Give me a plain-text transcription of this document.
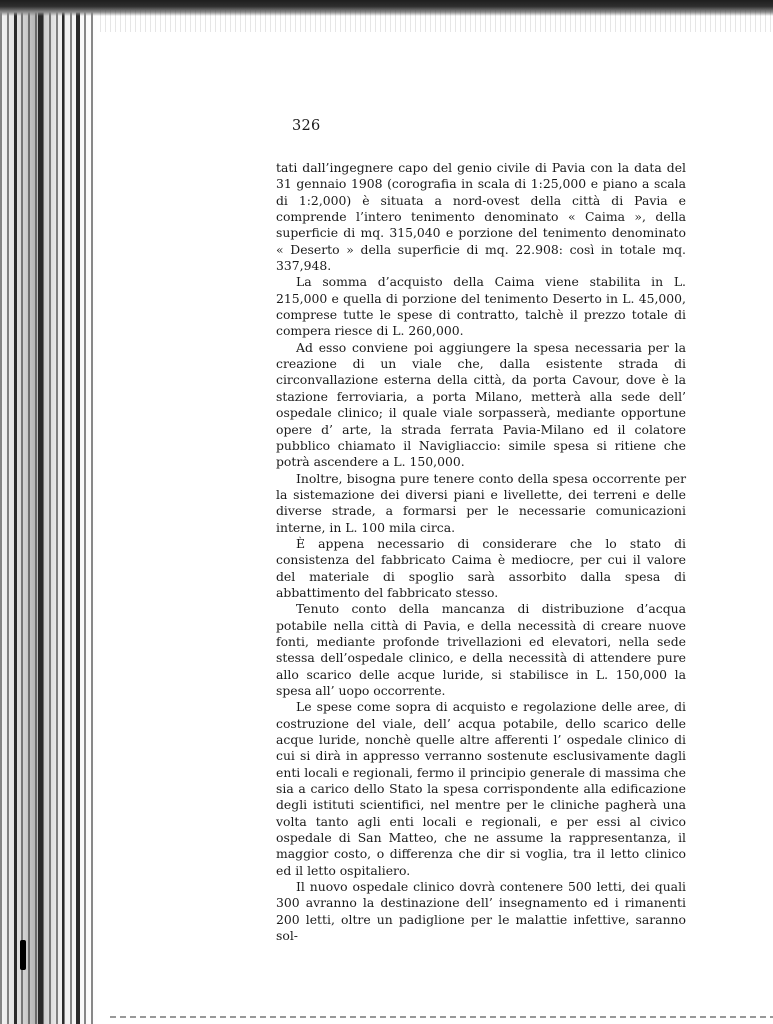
326

tati dall’ingegnere capo del genio civile di Pavia con la data del 31 gennaio 1908 (corografia in scala di 1:25,000 e piano a scala di 1:2,000) è situata a nord-ovest della città di Pavia e comprende l’intero tenimento denominato « Caima », della superficie di mq. 315,040 e porzione del tenimento denominato « Deserto » della superficie di mq. 22.908: così in totale mq. 337,948.

La somma d’acquisto della Caima viene stabilita in L. 215,000 e quella di porzione del tenimento Deserto in L. 45,000, comprese tutte le spese di contratto, talchè il prezzo totale di compera riesce di L. 260,000.

Ad esso conviene poi aggiungere la spesa necessaria per la creazione di un viale che, dalla esistente strada di circonvallazione esterna della città, da porta Cavour, dove è la stazione ferroviaria, a porta Milano, metterà alla sede dell’ ospedale clinico; il quale viale sorpasserà, mediante opportune opere d’ arte, la strada ferrata Pavia-Milano ed il colatore pubblico chiamato il Navigliaccio: simile spesa si ritiene che potrà ascendere a L. 150,000.

Inoltre, bisogna pure tenere conto della spesa occorrente per la sistemazione dei diversi piani e livellette, dei terreni e delle diverse strade, a formarsi per le necessarie comunicazioni interne, in L. 100 mila circa.

È appena necessario di considerare che lo stato di consistenza del fabbricato Caima è mediocre, per cui il valore del materiale di spoglio sarà assorbito dalla spesa di abbattimento del fabbricato stesso.

Tenuto conto della mancanza di distribuzione d’acqua potabile nella città di Pavia, e della necessità di creare nuove fonti, mediante profonde trivellazioni ed elevatori, nella sede stessa dell’ospedale clinico, e della necessità di attendere pure allo scarico delle acque luride, si stabilisce in L. 150,000 la spesa all’ uopo occorrente.

Le spese come sopra di acquisto e regolazione delle aree, di costruzione del viale, dell’ acqua potabile, dello scarico delle acque luride, nonchè quelle altre afferenti l’ ospedale clinico di cui si dirà in appresso verranno sostenute esclusivamente dagli enti locali e regionali, fermo il principio generale di massima che sia a carico dello Stato la spesa corrispondente alla edificazione degli istituti scientifici, nel mentre per le cliniche pagherà una volta tanto agli enti locali e regionali, e per essi al civico ospedale di San Matteo, che ne assume la rappresentanza, il maggior costo, o differenza che dir si voglia, tra il letto clinico ed il letto ospitaliero.

Il nuovo ospedale clinico dovrà contenere 500 letti, dei quali 300 avranno la destinazione dell’ insegnamento ed i rimanenti 200 letti, oltre un padiglione per le malattie infettive, saranno sol-
